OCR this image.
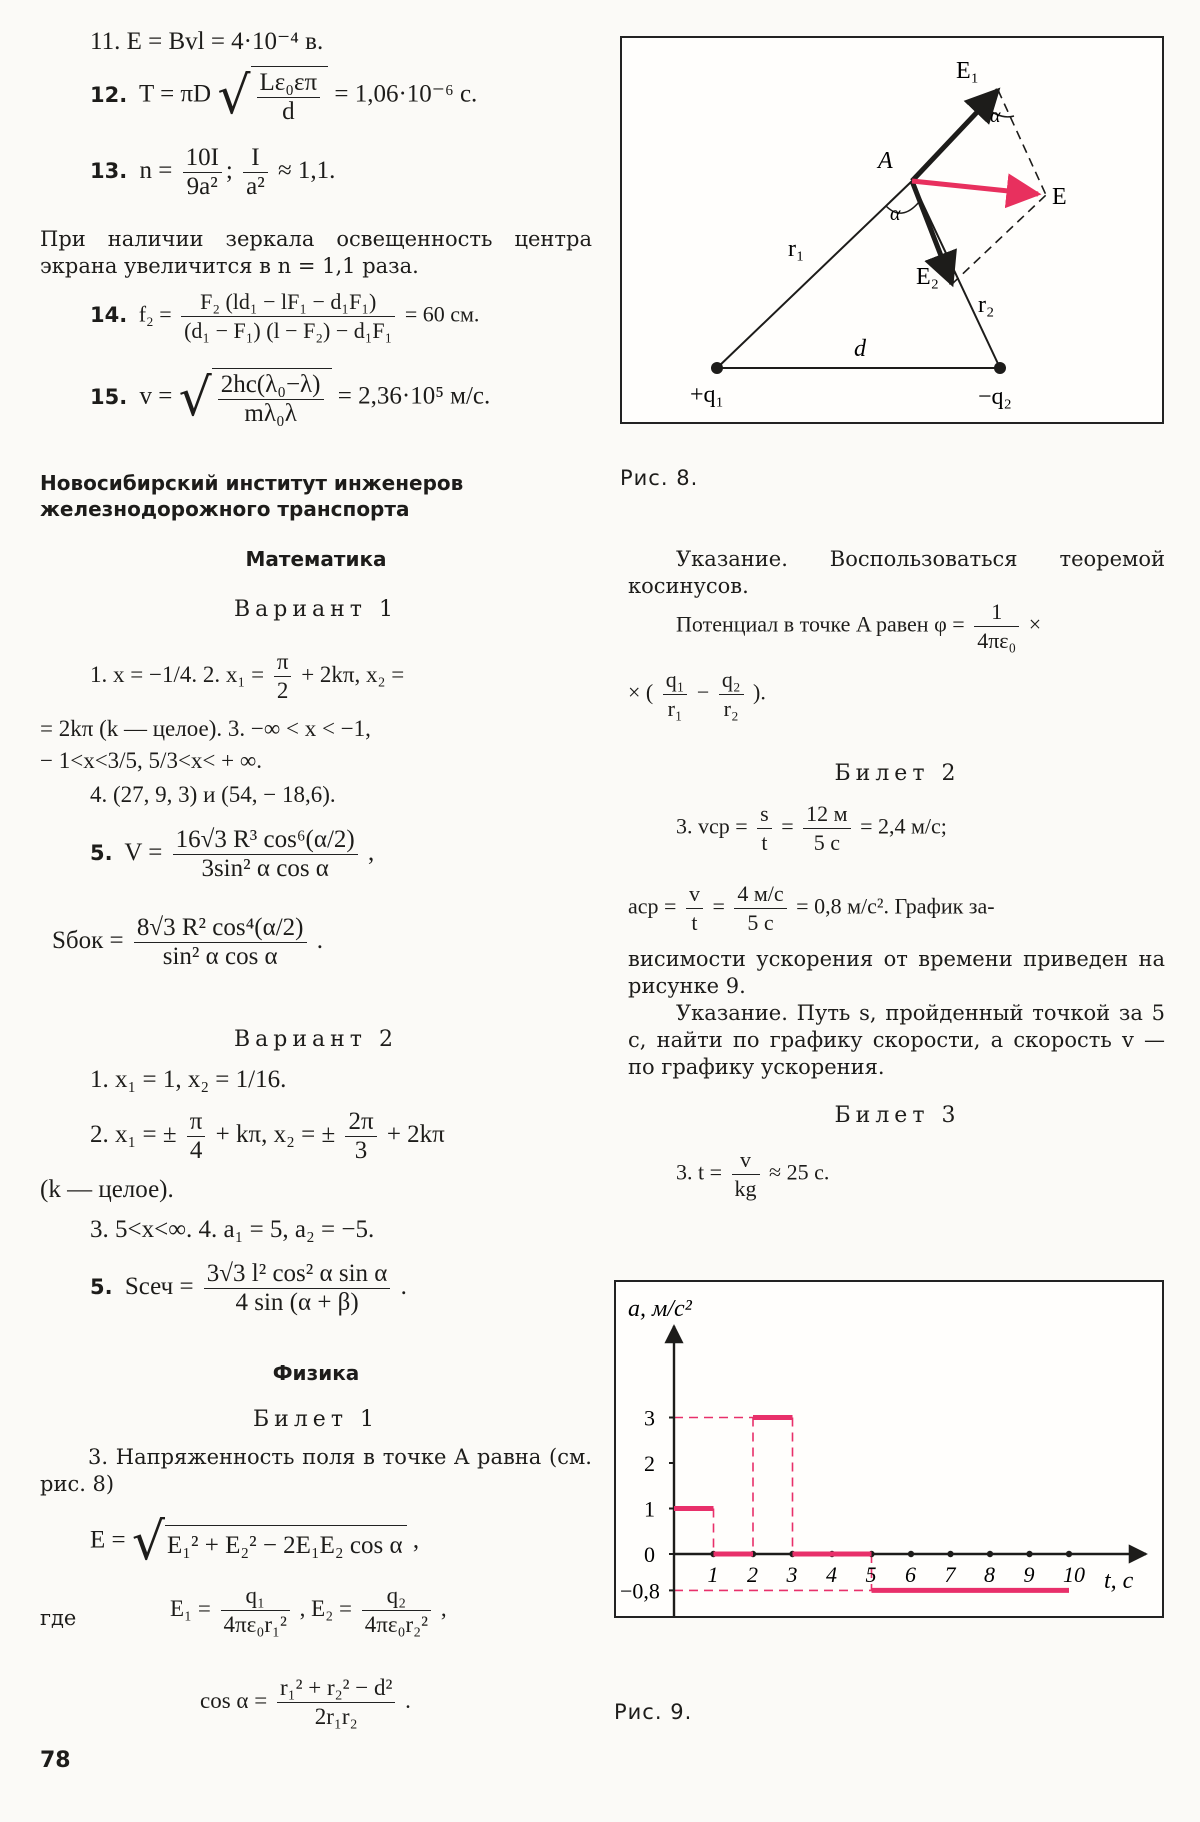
11. E = Bvl = 4·10⁻⁴ в.
12. T = πD √ $\frac{\text{Lε₀επ}}{d} = 1,06\cdot 10^{-6}$ с.
13. $n = \frac{10I}{\text{9a²}}$ ; $\frac{I}{\text{a²}} \approx 1,1$.
При наличии зеркала освещенность центра экрана увеличится в n = 1,1 раза.
14. $f_2 = \frac{\text{F₂ (ld₁ − lF₁ − d₁F₁)}}{\text{(d₁ − F₁) (l − F₂) − d₁F₁}} = 60$ см.
15. v = √ $\frac{\text{2hc(λ₀−λ)}}{\text{mλ₀λ}} = 2,36\cdot 10^5$ м/с.
Новосибирский институт инженеров железнодорожного транспорта
Математика
Вариант 1
1. x = −1/4. 2. $x_1 = \frac{\pi}{2} + 2k\pi$, x₂ =
= 2kπ (k — целое). 3. −∞ < x < −1,
− 1<x<3/5, 5/3<x< + ∞.
4. (27, 9, 3) и (54, − 18,6).
5. $V = \frac{\text{16√3 R³ cos⁶(α/2)}}{\text{3sin² α cos α}}$ ,
Sбок = $\frac{\text{8√3 R² cos⁴(α/2)}}{\text{sin² α cos α}}$ .
Вариант 2
1. x₁ = 1, x₂ = 1/16.
2. x₁ = ± $\frac{\pi}{4} + k\pi$, x₂ = ± $\frac{2\pi}{3} + 2k\pi$
(k — целое).
3. 5<x<∞. 4. a₁ = 5, a₂ = −5.
5. Sсеч = $\frac{\text{3√3 l² cos² α sin α}}{4 \sin (\alpha + \beta)}$ .
Физика
Билет 1
3. Напряженность поля в точке A равна (см. рис. 8)
E = √E₁² + E₂² − 2E₁E₂ cos α ,
где	$E_1 = \frac{\text{q₁}}{\text{4πε₀r₁²}}$ , $E_2 = \frac{\text{q₂}}{\text{4πε₀r₂²}}$ ,
$\cos \alpha = \frac{\text{r₁² + r₂² − d²}}{\text{2r₁r₂}}$ .
E₁
E
A
α
α
E₂
r₁
r₂
d
+q₁	−q₂
Рис. 8.
Указание. Воспользоваться теоремой косинусов.
Потенциал в точке A равен $\varphi = \frac{1}{\text{4πε₀}}$ ×
× ( $\frac{\text{q₁}}{\text{r₁}} - \frac{\text{q₂}}{\text{r₂}}$ ).
Билет 2
3. vср = $\frac{s}{t} = \frac{12 м}{5 с} = 2,4$ м/с;
aср = $\frac{v}{t} = \frac{4 м/с}{5 с} = 0,8$ м/с². График за-
висимости ускорения от времени приведен на рисунке 9.
Указание. Путь s, пройденный точкой за 5 с, найти по графику скорости, а скорость v — по графику ускорения.
Билет 3
3. $t = \frac{v}{kg} \approx 25$ с.
1 2 3 4 5 6 7 8 9 10
3
2
1
0
−0,8
a, м/с²
t, c
Рис. 9.
78
